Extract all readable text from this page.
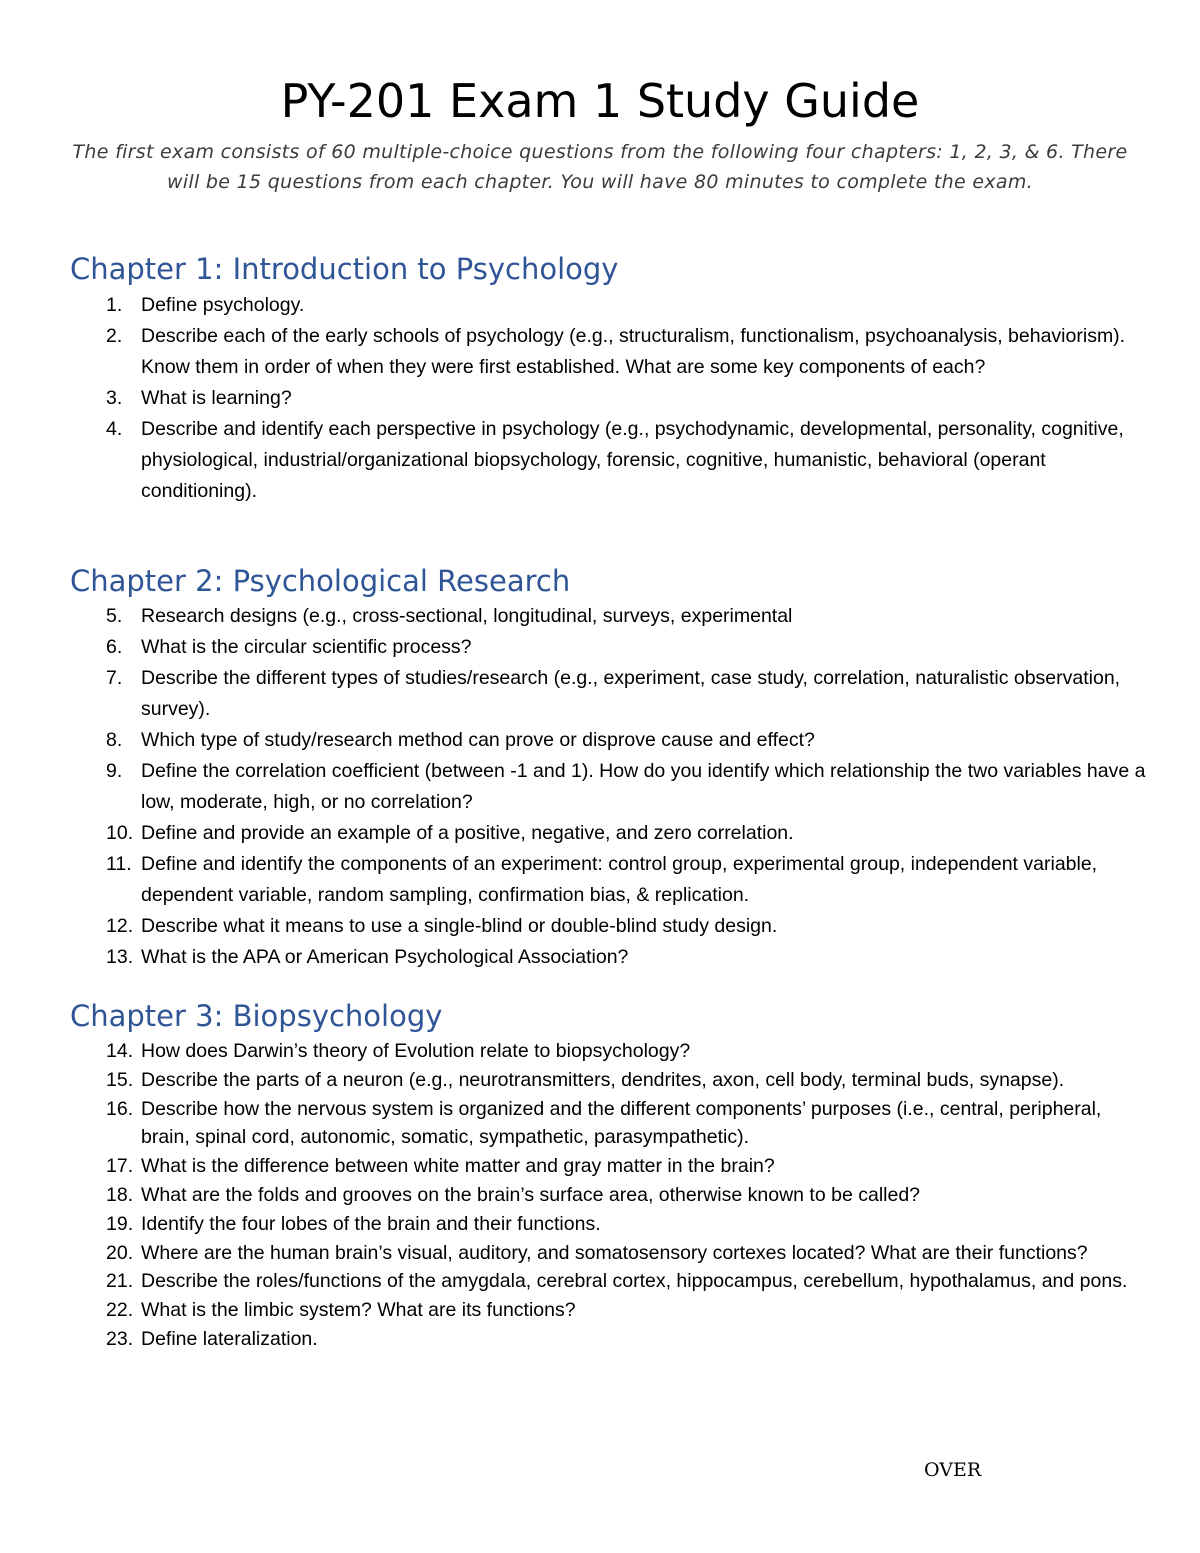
PY-201 Exam 1 Study Guide

The first exam consists of 60 multiple-choice questions from the following four chapters: 1, 2, 3, & 6. There will be 15 questions from each chapter. You will have 80 minutes to complete the exam.

Chapter 1: Introduction to Psychology
1. Define psychology.
2. Describe each of the early schools of psychology (e.g., structuralism, functionalism, psychoanalysis, behaviorism). Know them in order of when they were first established. What are some key components of each?
3. What is learning?
4. Describe and identify each perspective in psychology (e.g., psychodynamic, developmental, personality, cognitive, physiological, industrial/organizational biopsychology, forensic, cognitive, humanistic, behavioral (operant conditioning).
Chapter 2: Psychological Research
5. Research designs (e.g., cross-sectional, longitudinal, surveys, experimental
6. What is the circular scientific process?
7. Describe the different types of studies/research (e.g., experiment, case study, correlation, naturalistic observation, survey).
8. Which type of study/research method can prove or disprove cause and effect?
9. Define the correlation coefficient (between -1 and 1). How do you identify which relationship the two variables have a low, moderate, high, or no correlation?
10. Define and provide an example of a positive, negative, and zero correlation.
11. Define and identify the components of an experiment: control group, experimental group, independent variable, dependent variable, random sampling, confirmation bias, & replication.
12. Describe what it means to use a single-blind or double-blind study design.
13. What is the APA or American Psychological Association?
Chapter 3: Biopsychology
14. How does Darwin’s theory of Evolution relate to biopsychology?
15. Describe the parts of a neuron (e.g., neurotransmitters, dendrites, axon, cell body, terminal buds, synapse).
16. Describe how the nervous system is organized and the different components’ purposes (i.e., central, peripheral, brain, spinal cord, autonomic, somatic, sympathetic, parasympathetic).
17. What is the difference between white matter and gray matter in the brain?
18. What are the folds and grooves on the brain’s surface area, otherwise known to be called?
19. Identify the four lobes of the brain and their functions.
20. Where are the human brain’s visual, auditory, and somatosensory cortexes located? What are their functions?
21. Describe the roles/functions of the amygdala, cerebral cortex, hippocampus, cerebellum, hypothalamus, and pons.
22. What is the limbic system? What are its functions?
23. Define lateralization.

OVER
